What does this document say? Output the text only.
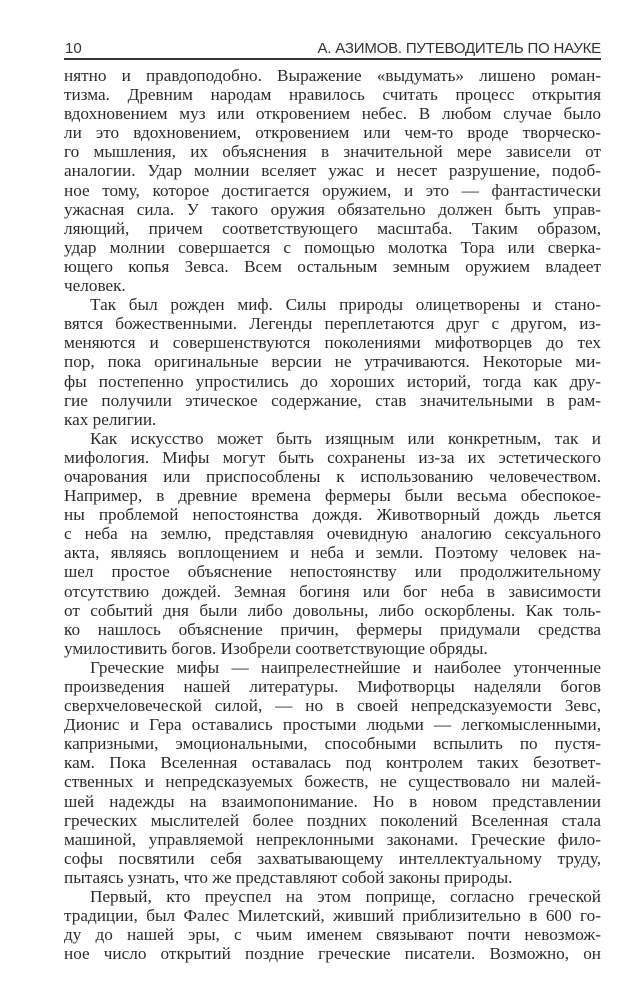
10	А. АЗИМОВ. ПУТЕВОДИТЕЛЬ ПО НАУКЕ
нятно и правдоподобно. Выражение «выдумать» лишено роман-
тизма. Древним народам нравилось считать процесс открытия
вдохновением муз или откровением небес. В любом случае было
ли это вдохновением, откровением или чем-то вроде творческо-
го мышления, их объяснения в значительной мере зависели от
аналогии. Удар молнии вселяет ужас и несет разрушение, подоб-
ное тому, которое достигается оружием, и это — фантастически
ужасная сила. У такого оружия обязательно должен быть управ-
ляющий, причем соответствующего масштаба. Таким образом,
удар молнии совершается с помощью молотка Тора или сверка-
ющего копья Зевса. Всем остальным земным оружием владеет
человек.
Так был рожден миф. Силы природы олицетворены и стано-
вятся божественными. Легенды переплетаются друг с другом, из-
меняются и совершенствуются поколениями мифотворцев до тех
пор, пока оригинальные версии не утрачиваются. Некоторые ми-
фы постепенно упростились до хороших историй, тогда как дру-
гие получили этическое содержание, став значительными в рам-
ках религии.
Как искусство может быть изящным или конкретным, так и
мифология. Мифы могут быть сохранены из-за их эстетического
очарования или приспособлены к использованию человечеством.
Например, в древние времена фермеры были весьма обеспокое-
ны проблемой непостоянства дождя. Животворный дождь льется
с неба на землю, представляя очевидную аналогию сексуального
акта, являясь воплощением и неба и земли. Поэтому человек на-
шел простое объяснение непостоянству или продолжительному
отсутствию дождей. Земная богиня или бог неба в зависимости
от событий дня были либо довольны, либо оскорблены. Как толь-
ко нашлось объяснение причин, фермеры придумали средства
умилостивить богов. Изобрели соответствующие обряды.
Греческие мифы — наипрелестнейшие и наиболее утонченные
произведения нашей литературы. Мифотворцы наделяли богов
сверхчеловеческой силой, — но в своей непредсказуемости Зевс,
Дионис и Гера оставались простыми людьми — легкомысленными,
капризными, эмоциональными, способными вспылить по пустя-
кам. Пока Вселенная оставалась под контролем таких безответ-
ственных и непредсказуемых божеств, не существовало ни малей-
шей надежды на взаимопонимание. Но в новом представлении
греческих мыслителей более поздних поколений Вселенная стала
машиной, управляемой непреклонными законами. Греческие фило-
софы посвятили себя захватывающему интеллектуальному труду,
пытаясь узнать, что же представляют собой законы природы.
Первый, кто преуспел на этом поприще, согласно греческой
традиции, был Фалес Милетский, живший приблизительно в 600 го-
ду до нашей эры, с чьим именем связывают почти невозмож-
ное число открытий поздние греческие писатели. Возможно, он
